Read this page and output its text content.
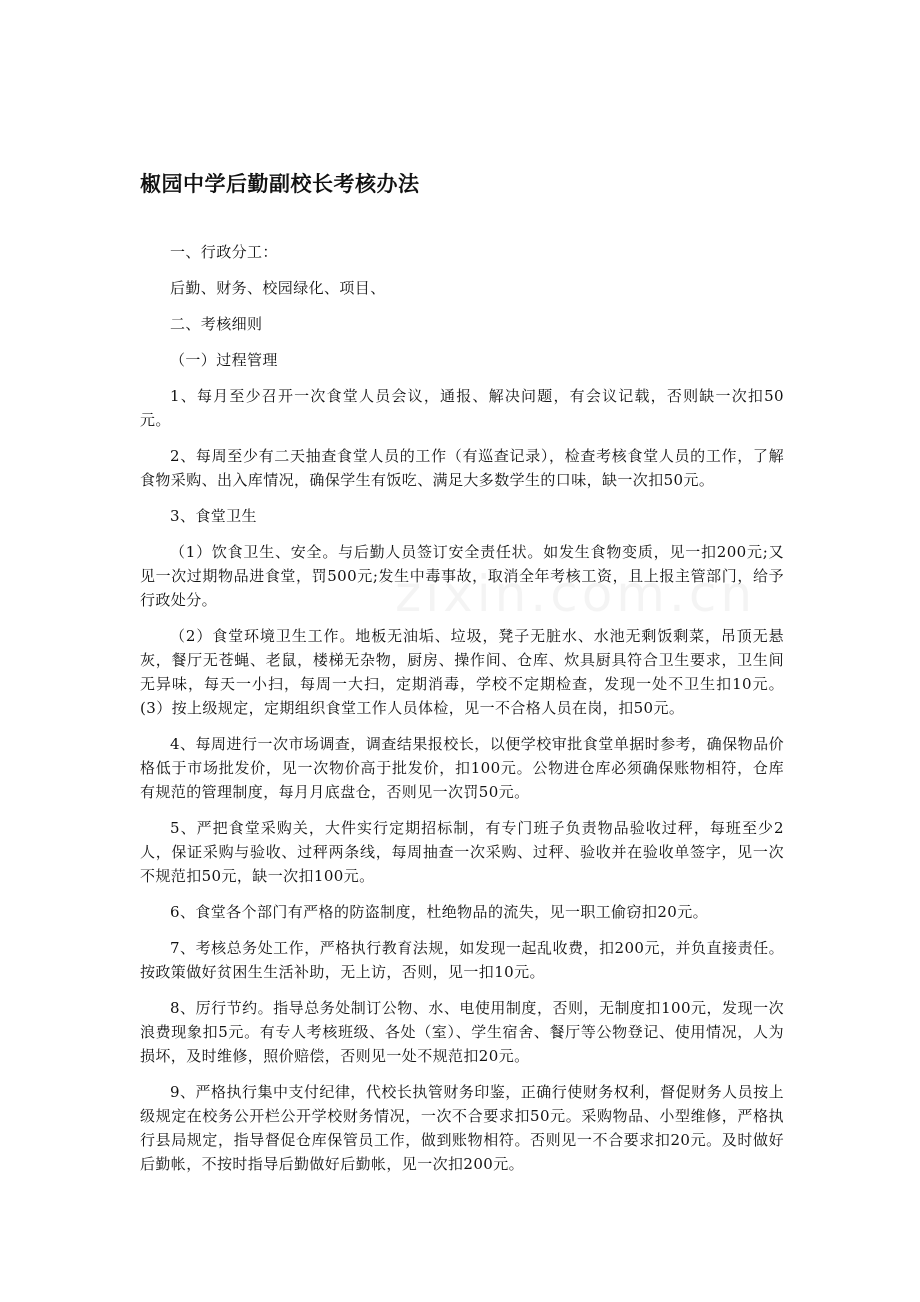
椒园中学后勤副校长考核办法

一、行政分工：

后勤、财务、校园绿化、项目、

二、考核细则

（一）过程管理

1、每月至少召开一次食堂人员会议，通报、解决问题，有会议记载，否则缺一次扣50元。

2、每周至少有二天抽查食堂人员的工作（有巡查记录），检查考核食堂人员的工作，了解食物采购、出入库情况，确保学生有饭吃、满足大多数学生的口味，缺一次扣50元。

3、食堂卫生

（1）饮食卫生、安全。与后勤人员签订安全责任状。如发生食物变质，见一扣200元;又见一次过期物品进食堂，罚500元;发生中毒事故，取消全年考核工资，且上报主管部门，给予行政处分。

（2）食堂环境卫生工作。地板无油垢、垃圾，凳子无脏水、水池无剩饭剩菜，吊顶无悬灰，餐厅无苍蝇、老鼠，楼梯无杂物，厨房、操作间、仓库、炊具厨具符合卫生要求，卫生间无异味，每天一小扫，每周一大扫，定期消毒，学校不定期检查，发现一处不卫生扣10元。(3）按上级规定，定期组织食堂工作人员体检，见一不合格人员在岗，扣50元。

4、每周进行一次市场调查，调查结果报校长，以便学校审批食堂单据时参考，确保物品价格低于市场批发价，见一次物价高于批发价，扣100元。公物进仓库必须确保账物相符，仓库有规范的管理制度，每月月底盘仓，否则见一次罚50元。

5、严把食堂采购关，大件实行定期招标制，有专门班子负责物品验收过秤，每班至少2人，保证采购与验收、过秤两条线，每周抽查一次采购、过秤、验收并在验收单签字，见一次不规范扣50元，缺一次扣100元。

6、食堂各个部门有严格的防盗制度，杜绝物品的流失，见一职工偷窃扣20元。

7、考核总务处工作，严格执行教育法规，如发现一起乱收费，扣200元，并负直接责任。按政策做好贫困生生活补助，无上访，否则，见一扣10元。

8、厉行节约。指导总务处制订公物、水、电使用制度，否则，无制度扣100元，发现一次浪费现象扣5元。有专人考核班级、各处（室）、学生宿舍、餐厅等公物登记、使用情况，人为损坏，及时维修，照价赔偿，否则见一处不规范扣20元。

9、严格执行集中支付纪律，代校长执管财务印鉴，正确行使财务权利，督促财务人员按上级规定在校务公开栏公开学校财务情况，一次不合要求扣50元。采购物品、小型维修，严格执行县局规定，指导督促仓库保管员工作，做到账物相符。否则见一不合要求扣20元。及时做好后勤帐，不按时指导后勤做好后勤帐，见一次扣200元。
